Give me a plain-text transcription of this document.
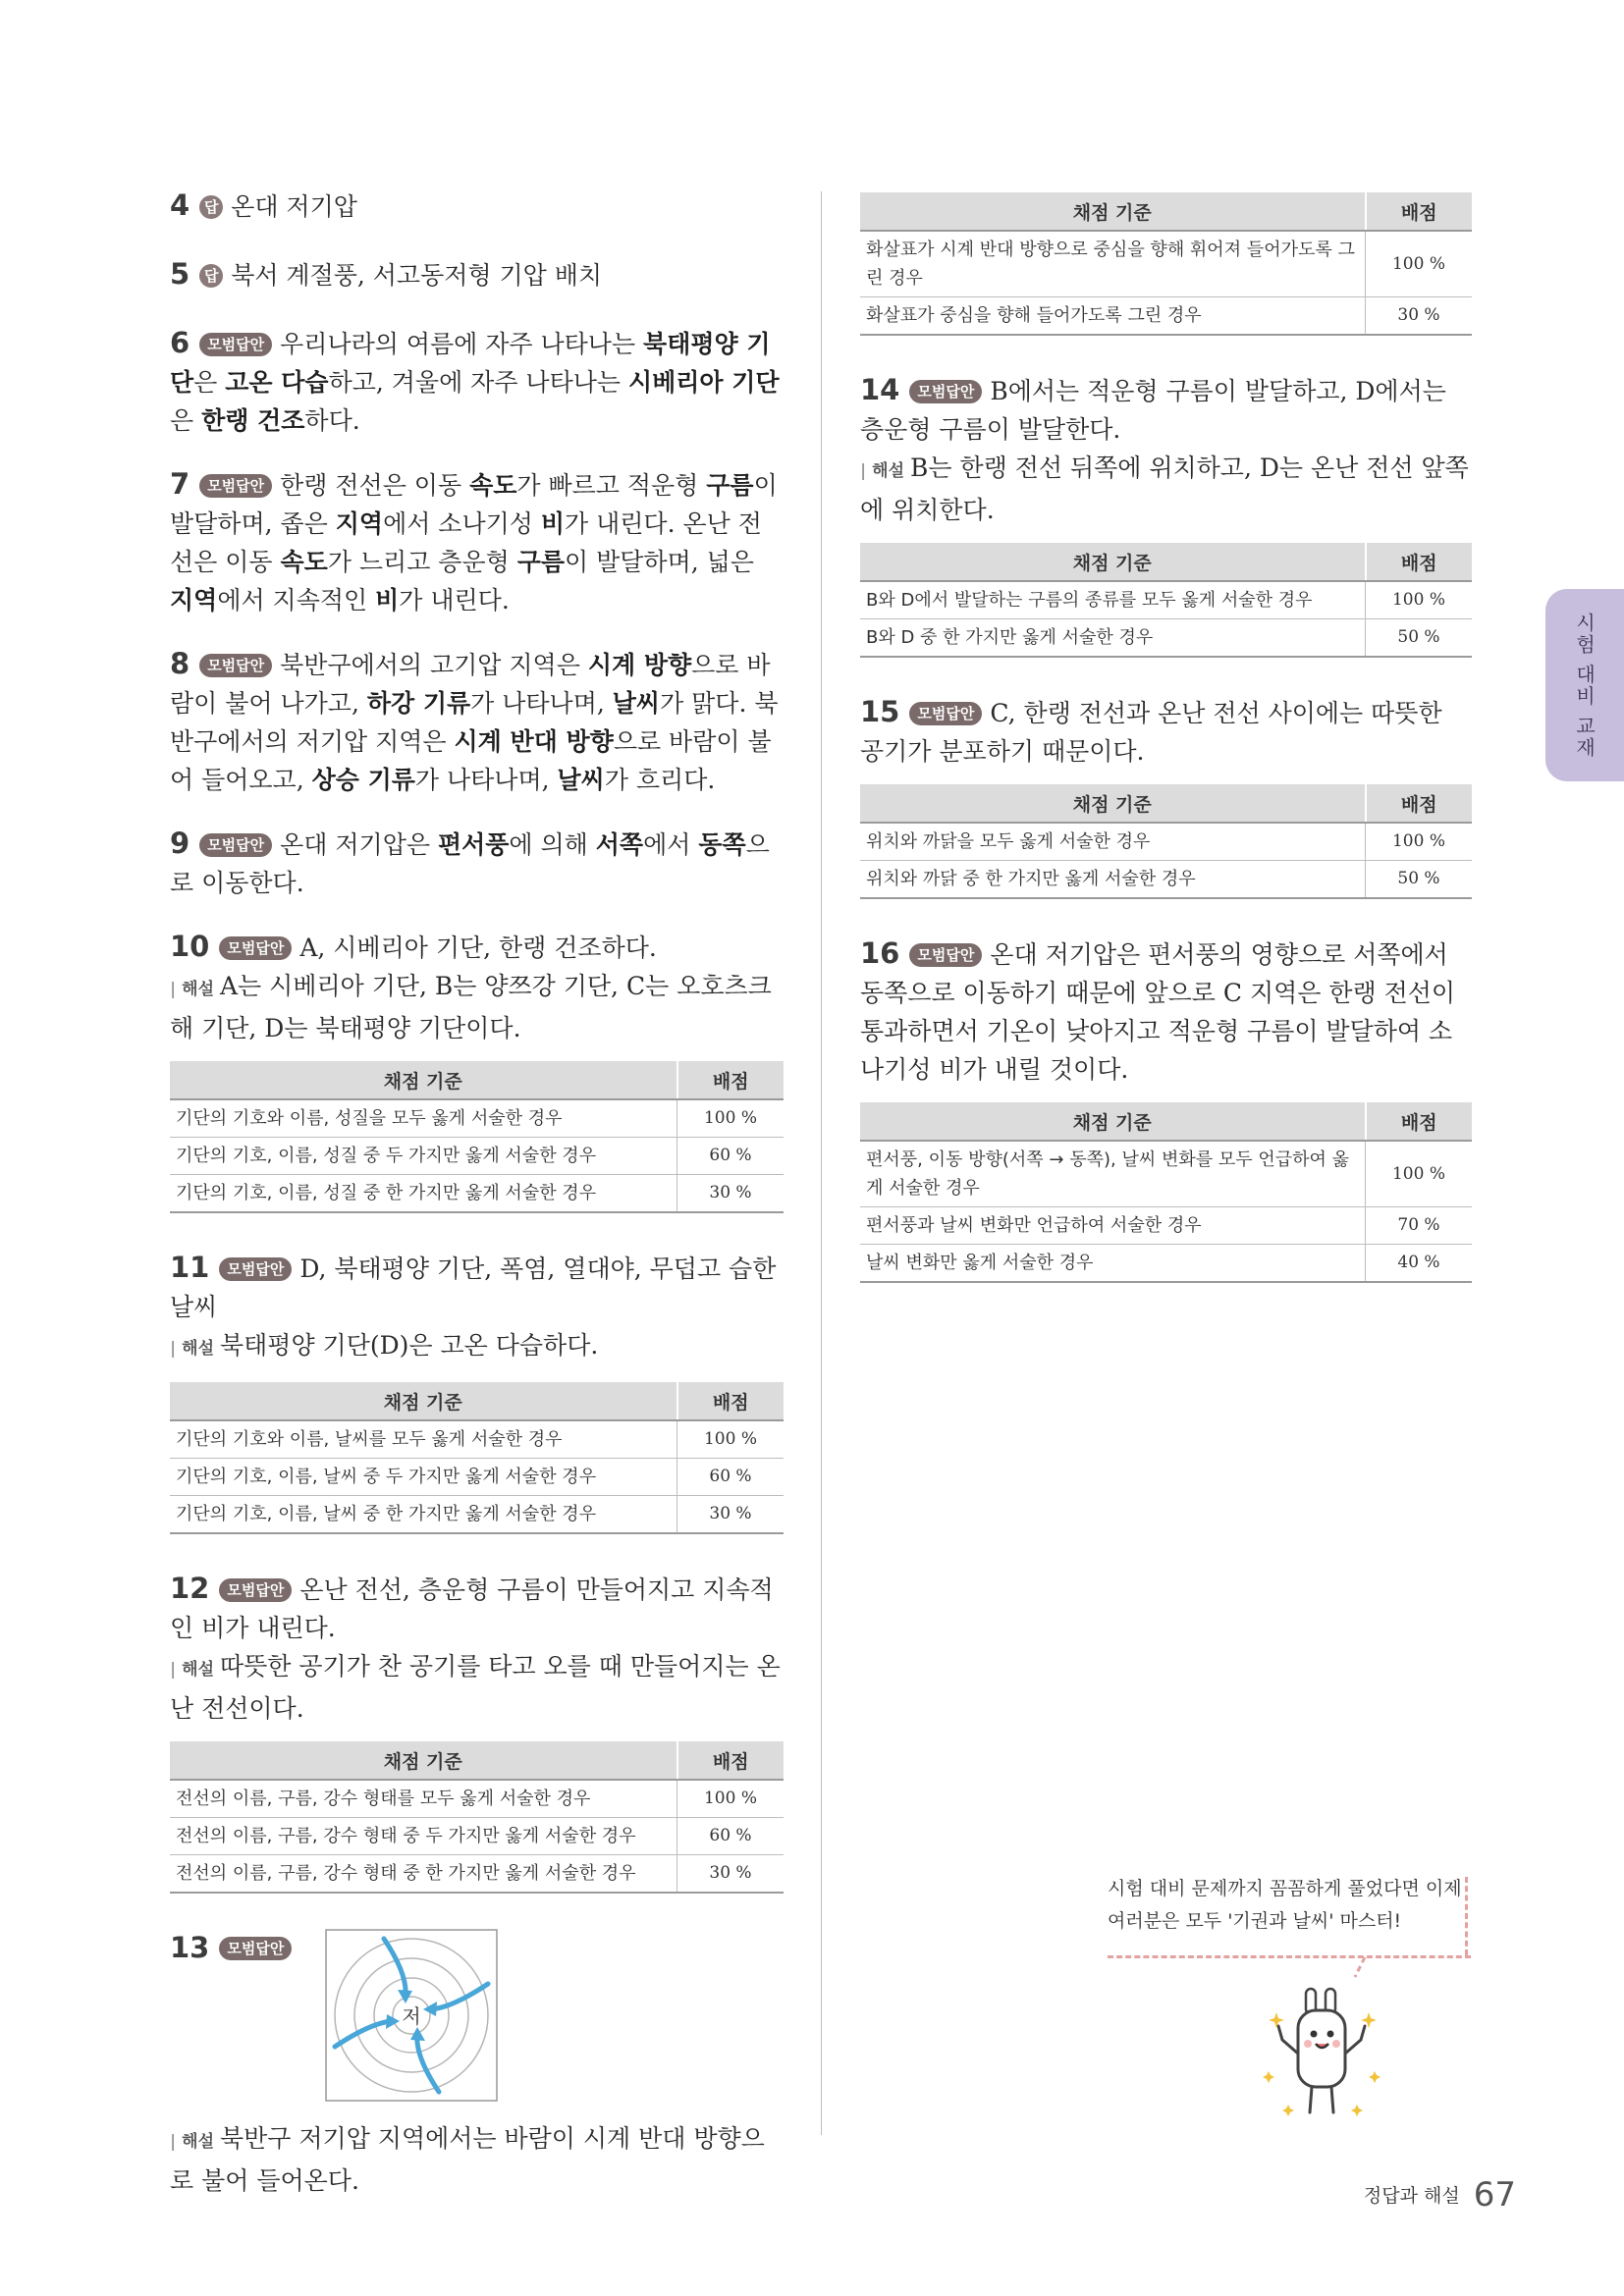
시험 대비 교재
4 답 온대 저기압
5 답 북서 계절풍, 서고동저형 기압 배치
6 모범답안 우리나라의 여름에 자주 나타나는 북태평양 기단은 고온 다습하고, 겨울에 자주 나타나는 시베리아 기단은 한랭 건조하다.
7 모범답안 한랭 전선은 이동 속도가 빠르고 적운형 구름이 발달하며, 좁은 지역에서 소나기성 비가 내린다. 온난 전선은 이동 속도가 느리고 층운형 구름이 발달하며, 넓은 지역에서 지속적인 비가 내린다.
8 모범답안 북반구에서의 고기압 지역은 시계 방향으로 바람이 불어 나가고, 하강 기류가 나타나며, 날씨가 맑다. 북반구에서의 저기압 지역은 시계 반대 방향으로 바람이 불어 들어오고, 상승 기류가 나타나며, 날씨가 흐리다.
9 모범답안 온대 저기압은 편서풍에 의해 서쪽에서 동쪽으로 이동한다.
10 모범답안 A, 시베리아 기단, 한랭 건조하다.
| 해설 A는 시베리아 기단, B는 양쯔강 기단, C는 오호츠크해 기단, D는 북태평양 기단이다.
채점 기준	배점
기단의 기호와 이름, 성질을 모두 옳게 서술한 경우	100 %
기단의 기호, 이름, 성질 중 두 가지만 옳게 서술한 경우	60 %
기단의 기호, 이름, 성질 중 한 가지만 옳게 서술한 경우	30 %
11 모범답안 D, 북태평양 기단, 폭염, 열대야, 무덥고 습한 날씨
| 해설 북태평양 기단(D)은 고온 다습하다.
채점 기준	배점
기단의 기호와 이름, 날씨를 모두 옳게 서술한 경우	100 %
기단의 기호, 이름, 날씨 중 두 가지만 옳게 서술한 경우	60 %
기단의 기호, 이름, 날씨 중 한 가지만 옳게 서술한 경우	30 %
12 모범답안 온난 전선, 층운형 구름이 만들어지고 지속적인 비가 내린다.
| 해설 따뜻한 공기가 찬 공기를 타고 오를 때 만들어지는 온난 전선이다.
채점 기준	배점
전선의 이름, 구름, 강수 형태를 모두 옳게 서술한 경우	100 %
전선의 이름, 구름, 강수 형태 중 두 가지만 옳게 서술한 경우	60 %
전선의 이름, 구름, 강수 형태 중 한 가지만 옳게 서술한 경우	30 %
13 모범답안
저
| 해설 북반구 저기압 지역에서는 바람이 시계 반대 방향으로 불어 들어온다.
채점 기준	배점
화살표가 시계 반대 방향으로 중심을 향해 휘어져 들어가도록 그린 경우	100 %
화살표가 중심을 향해 들어가도록 그린 경우	30 %
14 모범답안 B에서는 적운형 구름이 발달하고, D에서는 층운형 구름이 발달한다.
| 해설 B는 한랭 전선 뒤쪽에 위치하고, D는 온난 전선 앞쪽에 위치한다.
채점 기준	배점
B와 D에서 발달하는 구름의 종류를 모두 옳게 서술한 경우	100 %
B와 D 중 한 가지만 옳게 서술한 경우	50 %
15 모범답안 C, 한랭 전선과 온난 전선 사이에는 따뜻한 공기가 분포하기 때문이다.
채점 기준	배점
위치와 까닭을 모두 옳게 서술한 경우	100 %
위치와 까닭 중 한 가지만 옳게 서술한 경우	50 %
16 모범답안 온대 저기압은 편서풍의 영향으로 서쪽에서 동쪽으로 이동하기 때문에 앞으로 C 지역은 한랭 전선이 통과하면서 기온이 낮아지고 적운형 구름이 발달하여 소나기성 비가 내릴 것이다.
채점 기준	배점
편서풍, 이동 방향(서쪽 → 동쪽), 날씨 변화를 모두 언급하여 옳게 서술한 경우	100 %
편서풍과 날씨 변화만 언급하여 서술한 경우	70 %
날씨 변화만 옳게 서술한 경우	40 %
시험 대비 문제까지 꼼꼼하게 풀었다면 이제
여러분은 모두 '기권과 날씨' 마스터!
정답과 해설 67
